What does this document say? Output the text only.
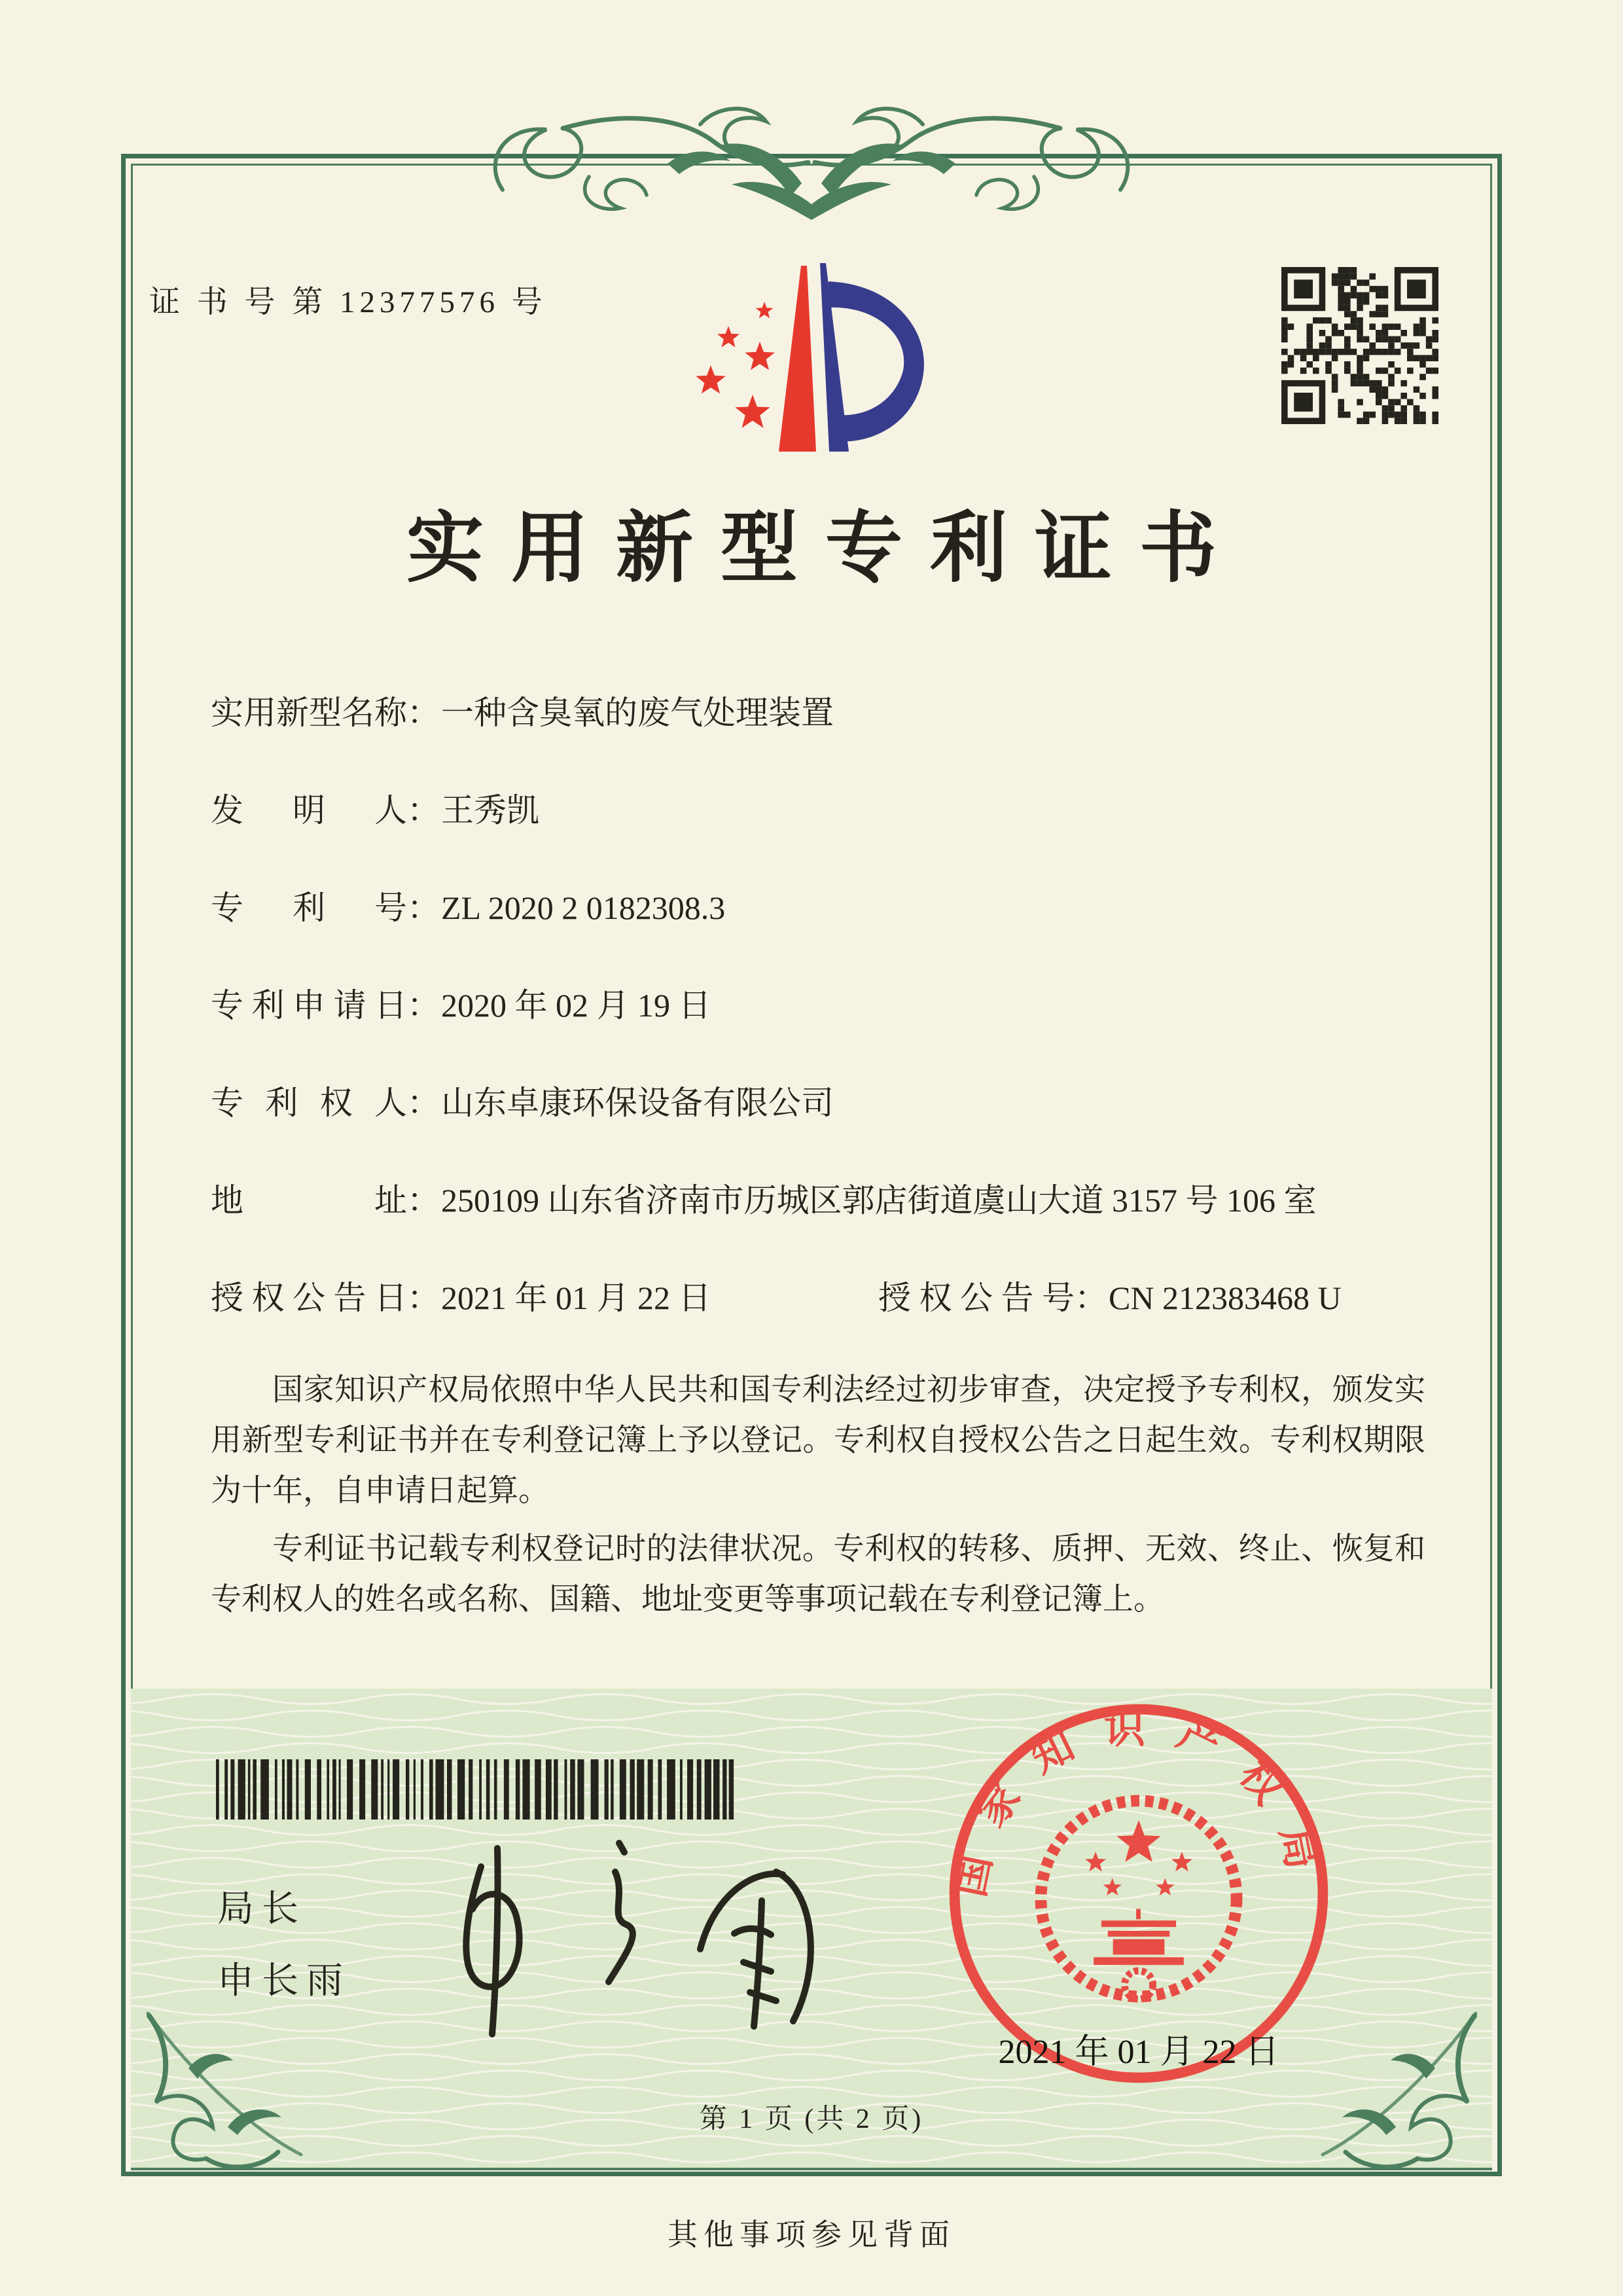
证 书 号 第 12377576 号
实用新型专利证书
实用新型名称 ： 一种含臭氧的废气处理装置
发明人 ： 王秀凯
专利号 ： ZL 2020 2 0182308.3
专利申请日 ： 2020 年 02 月 19 日
专利权人 ： 山东卓康环保设备有限公司
地址 ： 250109 山东省济南市历城区郭店街道虞山大道 3157 号 106 室
授权公告日 ： 2021 年 01 月 22 日	授权公告号 ： CN 212383468 U

国家知识产权局依照中华人民共和国专利法经过初步审查，决定授予专利权，颁发实用新型专利证书并在专利登记簿上予以登记。专利权自授权公告之日起生效。专利权期限为十年，自申请日起算。

专利证书记载专利权登记时的法律状况。专利权的转移、质押、无效、终止、恢复和专利权人的姓名或名称、国籍、地址变更等事项记载在专利登记簿上。

局长
申长雨
国家知识产权局
2021 年 01 月 22 日
第 1 页 (共 2 页)
其他事项参见背面
